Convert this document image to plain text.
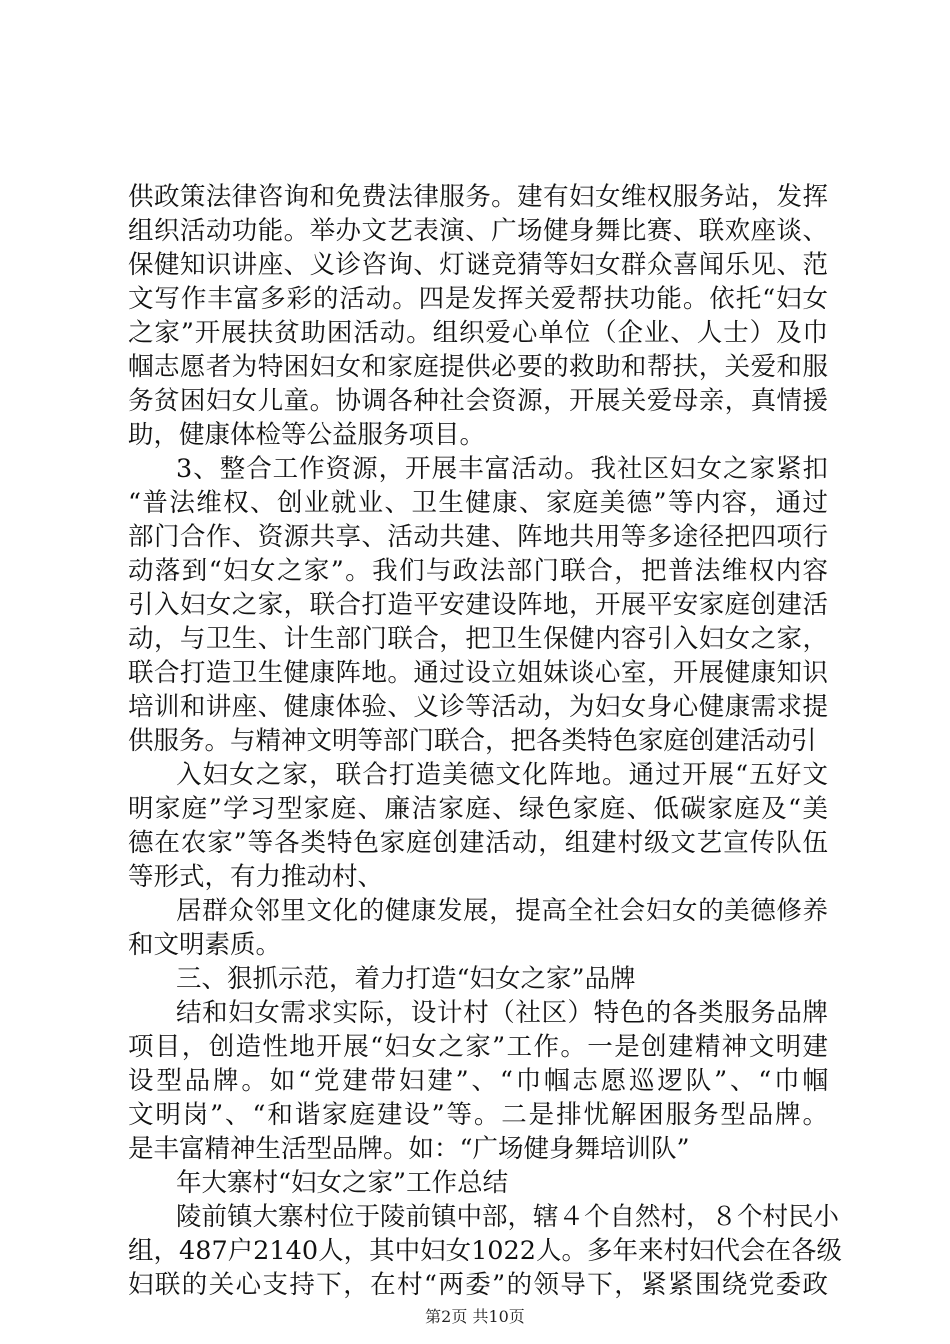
供政策法律咨询和免费法律服务。建有妇女维权服务站，发挥
组织活动功能。举办文艺表演、广场健身舞比赛、联欢座谈、
保健知识讲座、义诊咨询、灯谜竞猜等妇女群众喜闻乐见、范
文写作丰富多彩的活动。四是发挥关爱帮扶功能。依托“妇女
之家”开展扶贫助困活动。组织爱心单位（企业、人士）及巾
帼志愿者为特困妇女和家庭提供必要的救助和帮扶，关爱和服
务贫困妇女儿童。协调各种社会资源，开展关爱母亲，真情援
助，健康体检等公益服务项目。
3、整合工作资源，开展丰富活动。我社区妇女之家紧扣
“普法维权、创业就业、卫生健康、家庭美德”等内容，通过
部门合作、资源共享、活动共建、阵地共用等多途径把四项行
动落到“妇女之家”。我们与政法部门联合，把普法维权内容
引入妇女之家，联合打造平安建设阵地，开展平安家庭创建活
动，与卫生、计生部门联合，把卫生保健内容引入妇女之家，
联合打造卫生健康阵地。通过设立姐妹谈心室，开展健康知识
培训和讲座、健康体验、义诊等活动，为妇女身心健康需求提
供服务。与精神文明等部门联合，把各类特色家庭创建活动引
入妇女之家，联合打造美德文化阵地。通过开展“五好文
明家庭”学习型家庭、廉洁家庭、绿色家庭、低碳家庭及“美
德在农家”等各类特色家庭创建活动，组建村级文艺宣传队伍
等形式，有力推动村、
居群众邻里文化的健康发展，提高全社会妇女的美德修养
和文明素质。
三、狠抓示范，着力打造“妇女之家”品牌
结和妇女需求实际，设计村（社区）特色的各类服务品牌
项目，创造性地开展“妇女之家”工作。一是创建精神文明建
设型品牌。如“党建带妇建”、“巾帼志愿巡逻队”、“巾帼
文明岗”、“和谐家庭建设”等。二是排忧解困服务型品牌。
是丰富精神生活型品牌。如：“广场健身舞培训队”
年大寨村“妇女之家”工作总结
陵前镇大寨村位于陵前镇中部，辖４个自然村，８个村民小
组，487户2140人，其中妇女1022人。多年来村妇代会在各级
妇联的关心支持下，在村“两委”的领导下，紧紧围绕党委政
第2页 共10页
